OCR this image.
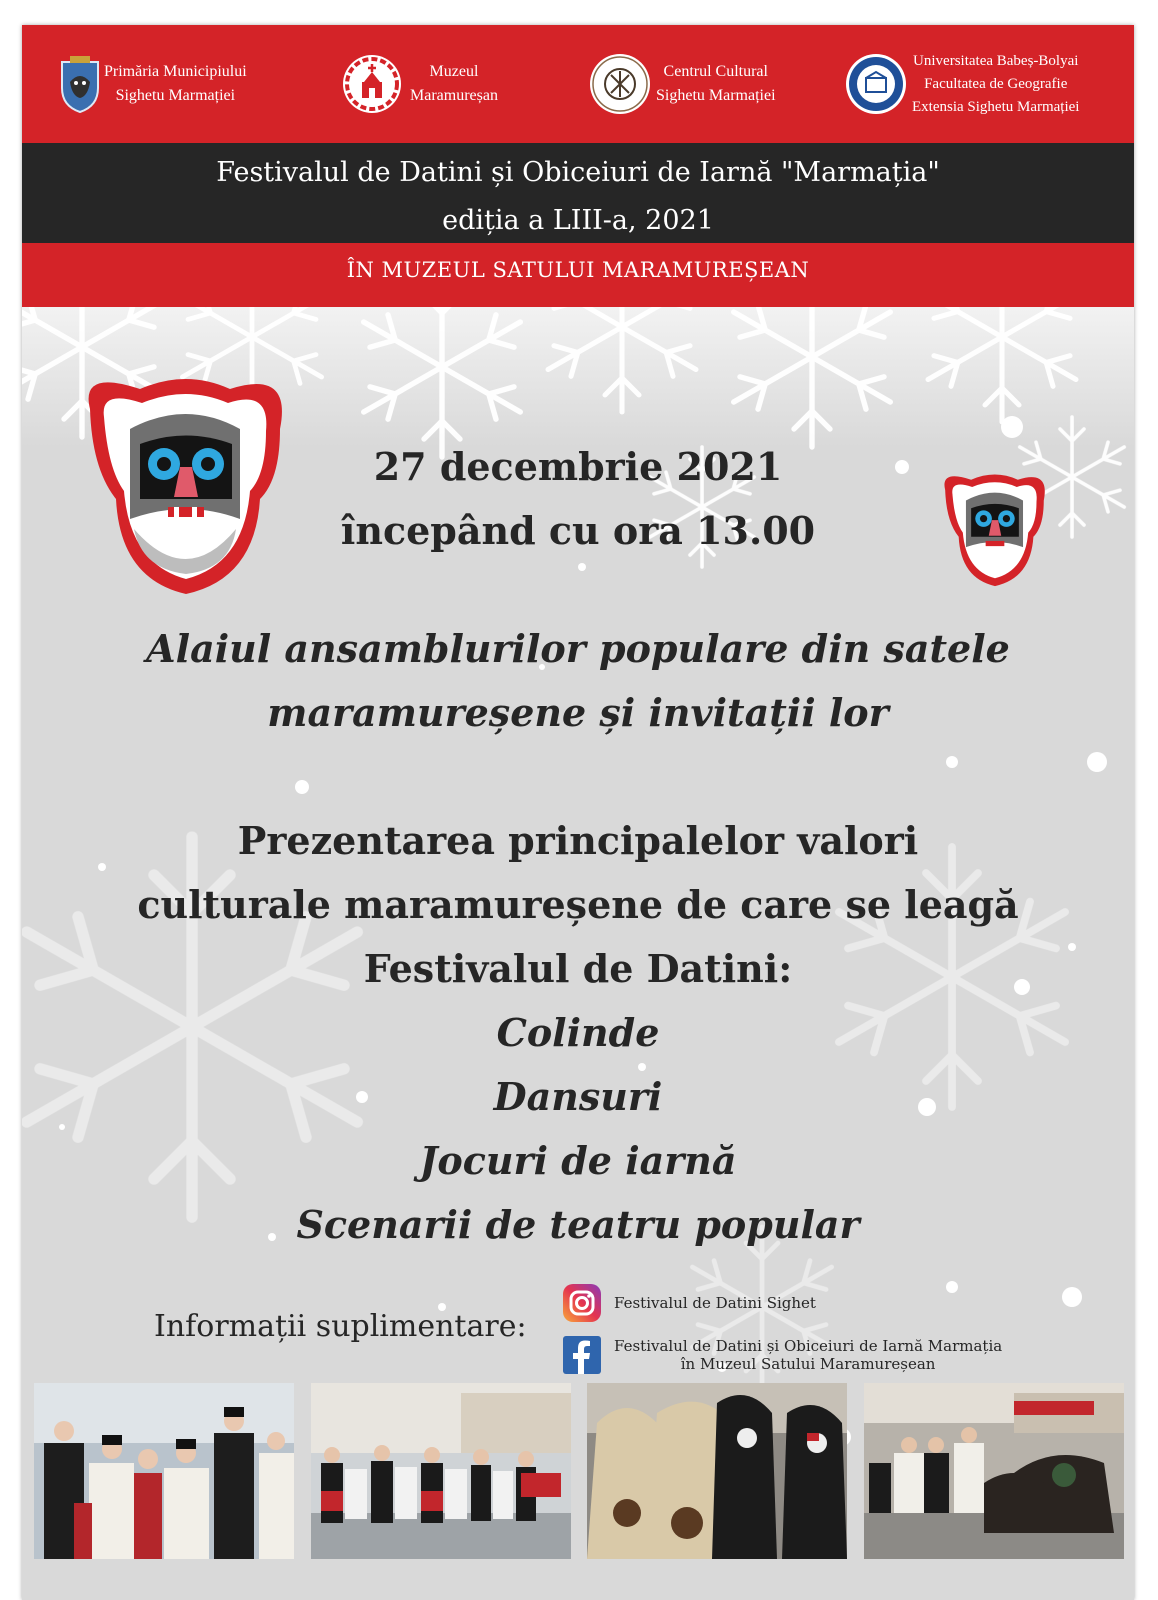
Primăria Municipiului
Sighetu Marmației
Muzeul
Maramureșan
Centrul Cultural
Sighetu Marmației
Universitatea Babeș-Bolyai
Facultatea de Geografie
Extensia Sighetu Marmației
Festivalul de Datini și Obiceiuri de Iarnă "Marmația"
ediția a LIII-a, 2021
ÎN MUZEUL SATULUI MARAMUREȘEAN
27 decembrie 2021
începând cu ora 13.00
Alaiul ansamblurilor populare din satele
maramureșene și invitații lor
Prezentarea principalelor valori
culturale maramureșene de care se leagă
Festivalul de Datini:
Colinde
Dansuri
Jocuri de iarnă
Scenarii de teatru popular
Informații suplimentare:
Festivalul de Datini Sighet
Festivalul de Datini și Obiceiuri de Iarnă Marmația
în Muzeul Satului Maramureșean
